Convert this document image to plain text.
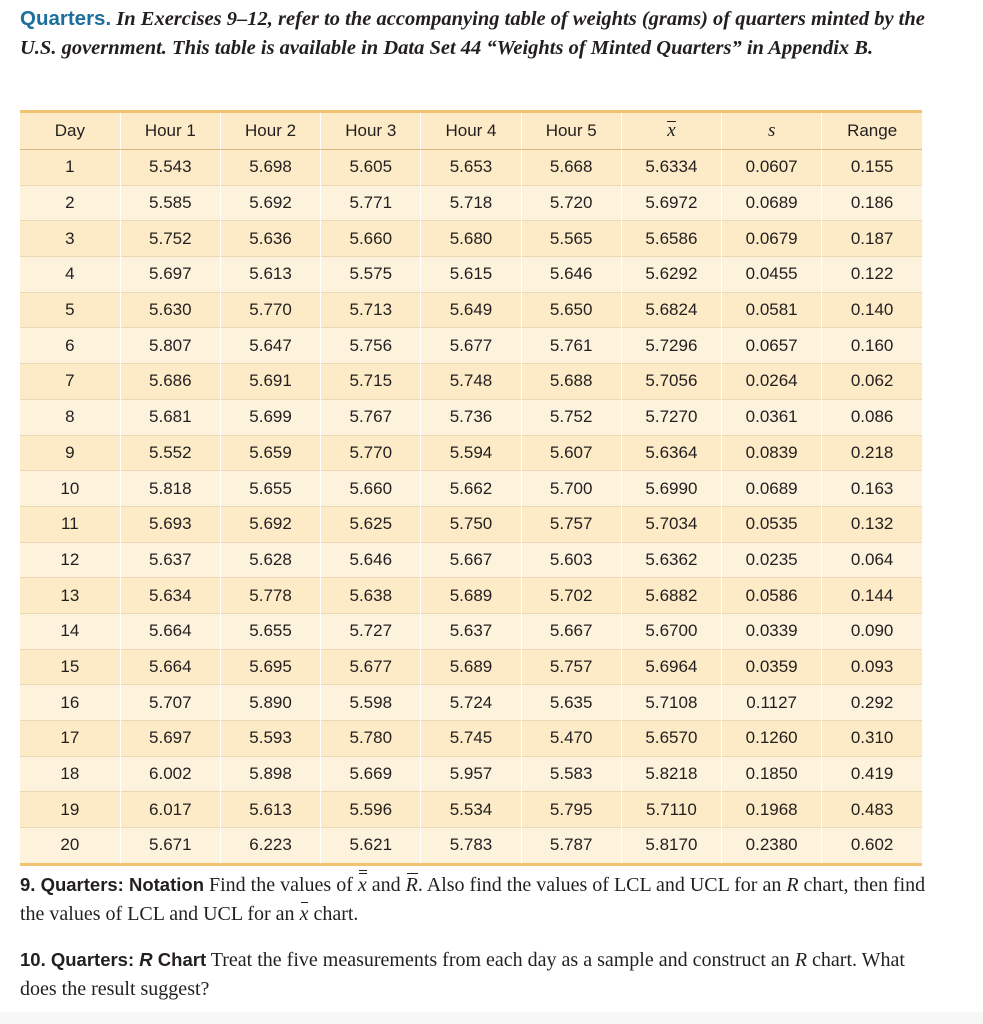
Quarters. In Exercises 9–12, refer to the accompanying table of weights (grams) of quarters minted by the U.S. government. This table is available in Data Set 44 “Weights of Minted Quarters” in Appendix B.
Day	Hour 1	Hour 2	Hour 3	Hour 4	Hour 5	x	s	Range
1	5.543	5.698	5.605	5.653	5.668	5.6334	0.0607	0.155
2	5.585	5.692	5.771	5.718	5.720	5.6972	0.0689	0.186
3	5.752	5.636	5.660	5.680	5.565	5.6586	0.0679	0.187
4	5.697	5.613	5.575	5.615	5.646	5.6292	0.0455	0.122
5	5.630	5.770	5.713	5.649	5.650	5.6824	0.0581	0.140
6	5.807	5.647	5.756	5.677	5.761	5.7296	0.0657	0.160
7	5.686	5.691	5.715	5.748	5.688	5.7056	0.0264	0.062
8	5.681	5.699	5.767	5.736	5.752	5.7270	0.0361	0.086
9	5.552	5.659	5.770	5.594	5.607	5.6364	0.0839	0.218
10	5.818	5.655	5.660	5.662	5.700	5.6990	0.0689	0.163
11	5.693	5.692	5.625	5.750	5.757	5.7034	0.0535	0.132
12	5.637	5.628	5.646	5.667	5.603	5.6362	0.0235	0.064
13	5.634	5.778	5.638	5.689	5.702	5.6882	0.0586	0.144
14	5.664	5.655	5.727	5.637	5.667	5.6700	0.0339	0.090
15	5.664	5.695	5.677	5.689	5.757	5.6964	0.0359	0.093
16	5.707	5.890	5.598	5.724	5.635	5.7108	0.1127	0.292
17	5.697	5.593	5.780	5.745	5.470	5.6570	0.1260	0.310
18	6.002	5.898	5.669	5.957	5.583	5.8218	0.1850	0.419
19	6.017	5.613	5.596	5.534	5.795	5.7110	0.1968	0.483
20	5.671	6.223	5.621	5.783	5.787	5.8170	0.2380	0.602
9. Quarters: Notation Find the values of x and R. Also find the values of LCL and UCL for an R chart, then find the values of LCL and UCL for an x chart.
10. Quarters: R Chart Treat the five measurements from each day as a sample and construct an R chart. What does the result suggest?
